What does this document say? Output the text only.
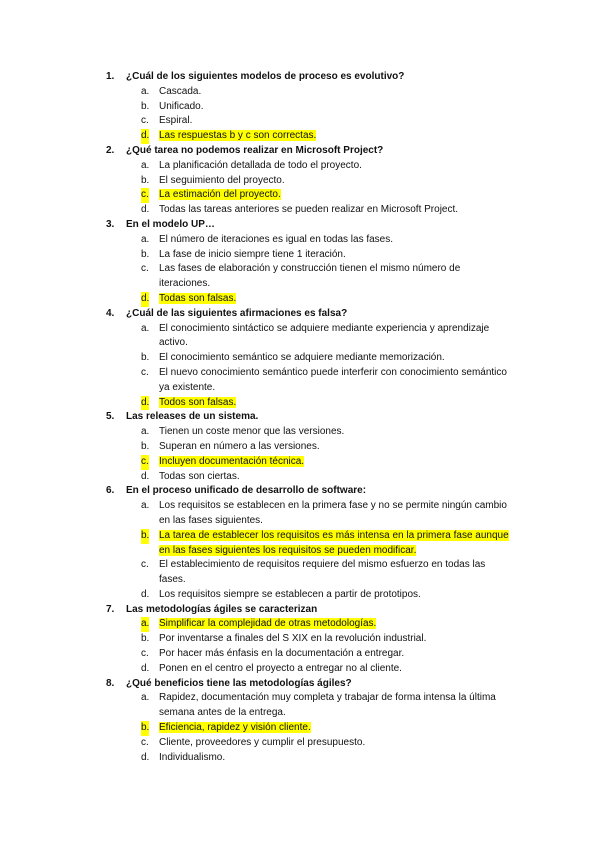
1. ¿Cuál de los siguientes modelos de proceso es evolutivo?

a. Cascada.
b. Unificado.
c. Espiral.
d. Las respuestas b y c son correctas.

2. ¿Qué tarea no podemos realizar en Microsoft Project?

a. La planificación detallada de todo el proyecto.
b. El seguimiento del proyecto.
c. La estimación del proyecto.
d. Todas las tareas anteriores se pueden realizar en Microsoft Project.

3. En el modelo UP…

a. El número de iteraciones es igual en todas las fases.
b. La fase de inicio siempre tiene 1 iteración.
c. Las fases de elaboración y construcción tienen el mismo número de iteraciones.
d. Todas son falsas.

4. ¿Cuál de las siguientes afirmaciones es falsa?

a. El conocimiento sintáctico se adquiere mediante experiencia y aprendizaje activo.
b. El conocimiento semántico se adquiere mediante memorización.
c. El nuevo conocimiento semántico puede interferir con conocimiento semántico ya existente.
d. Todos son falsas.

5. Las releases de un sistema.

a. Tienen un coste menor que las versiones.
b. Superan en número a las versiones.
c. Incluyen documentación técnica.
d. Todas son ciertas.

6. En el proceso unificado de desarrollo de software:

a. Los requisitos se establecen en la primera fase y no se permite ningún cambio en las fases siguientes.
b. La tarea de establecer los requisitos es más intensa en la primera fase aunque en las fases siguientes los requisitos se pueden modificar.
c. El establecimiento de requisitos requiere del mismo esfuerzo en todas las fases.
d. Los requisitos siempre se establecen a partir de prototipos.

7. Las metodologías ágiles se caracterizan

a. Simplificar la complejidad de otras metodologías.
b. Por inventarse a finales del S XIX en la revolución industrial.
c. Por hacer más énfasis en la documentación a entregar.
d. Ponen en el centro el proyecto a entregar no al cliente.

8. ¿Qué beneficios tiene las metodologías ágiles?

a. Rapidez, documentación muy completa y trabajar de forma intensa la última semana antes de la entrega.
b. Eficiencia, rapidez y visión cliente.
c. Cliente, proveedores y cumplir el presupuesto.
d. Individualismo.
